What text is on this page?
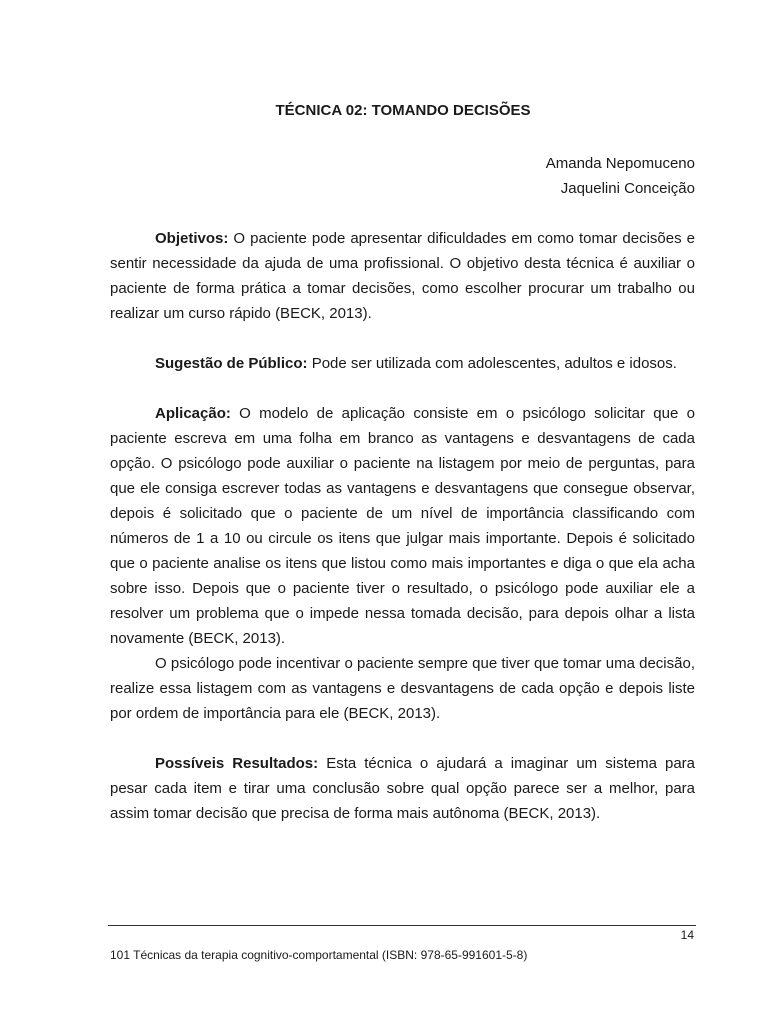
TÉCNICA 02: TOMANDO DECISÕES
Amanda Nepomuceno
Jaquelini Conceição

Objetivos: O paciente pode apresentar dificuldades em como tomar decisões e sentir necessidade da ajuda de uma profissional. O objetivo desta técnica é auxiliar o paciente de forma prática a tomar decisões, como escolher procurar um trabalho ou realizar um curso rápido (BECK, 2013).

Sugestão de Público: Pode ser utilizada com adolescentes, adultos e idosos.

Aplicação: O modelo de aplicação consiste em o psicólogo solicitar que o paciente escreva em uma folha em branco as vantagens e desvantagens de cada opção. O psicólogo pode auxiliar o paciente na listagem por meio de perguntas, para que ele consiga escrever todas as vantagens e desvantagens que consegue observar, depois é solicitado que o paciente de um nível de importância classificando com números de 1 a 10 ou circule os itens que julgar mais importante. Depois é solicitado que o paciente analise os itens que listou como mais importantes e diga o que ela acha sobre isso. Depois que o paciente tiver o resultado, o psicólogo pode auxiliar ele a resolver um problema que o impede nessa tomada decisão, para depois olhar a lista novamente (BECK, 2013).

O psicólogo pode incentivar o paciente sempre que tiver que tomar uma decisão, realize essa listagem com as vantagens e desvantagens de cada opção e depois liste por ordem de importância para ele (BECK, 2013).

Possíveis Resultados: Esta técnica o ajudará a imaginar um sistema para pesar cada item e tirar uma conclusão sobre qual opção parece ser a melhor, para assim tomar decisão que precisa de forma mais autônoma (BECK, 2013).

14
101 Técnicas da terapia cognitivo-comportamental (ISBN: 978-65-991601-5-8)
